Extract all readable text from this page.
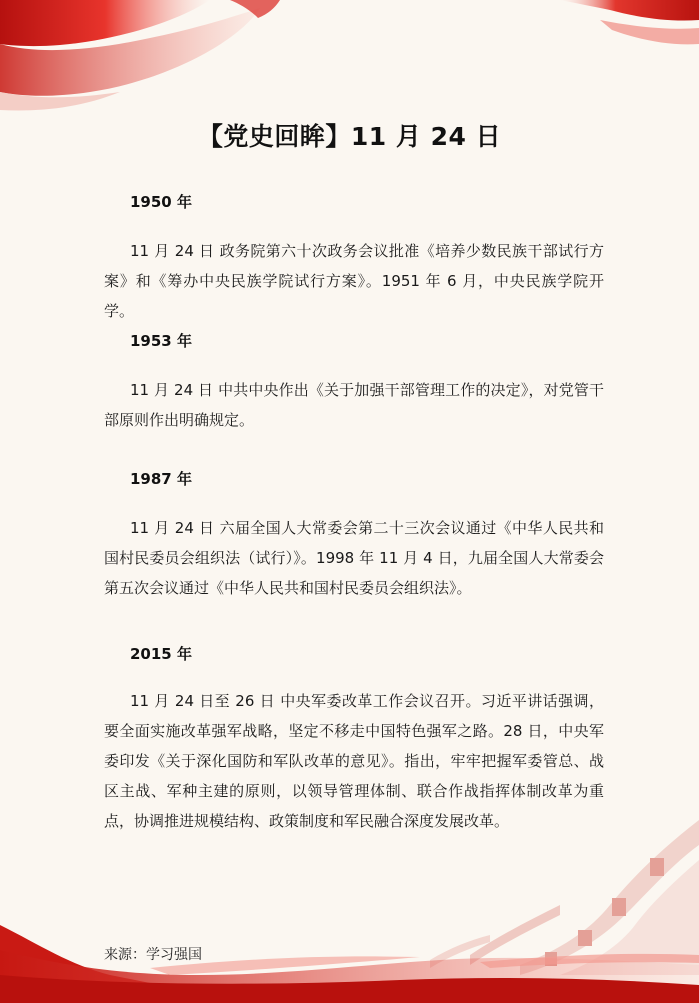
【党史回眸】11 月 24 日
1950 年
11 月 24 日 政务院第六十次政务会议批准《培养少数民族干部试行方案》和《筹办中央民族学院试行方案》。1951 年 6 月，中央民族学院开学。
1953 年
11 月 24 日 中共中央作出《关于加强干部管理工作的决定》，对党管干部原则作出明确规定。
1987 年
11 月 24 日 六届全国人大常委会第二十三次会议通过《中华人民共和国村民委员会组织法（试行）》。1998 年 11 月 4 日，九届全国人大常委会第五次会议通过《中华人民共和国村民委员会组织法》。
2015 年
11 月 24 日至 26 日 中央军委改革工作会议召开。习近平讲话强调，要全面实施改革强军战略，坚定不移走中国特色强军之路。28 日，中央军委印发《关于深化国防和军队改革的意见》。指出，牢牢把握军委管总、战区主战、军种主建的原则，以领导管理体制、联合作战指挥体制改革为重点，协调推进规模结构、政策制度和军民融合深度发展改革。
来源：学习强国
